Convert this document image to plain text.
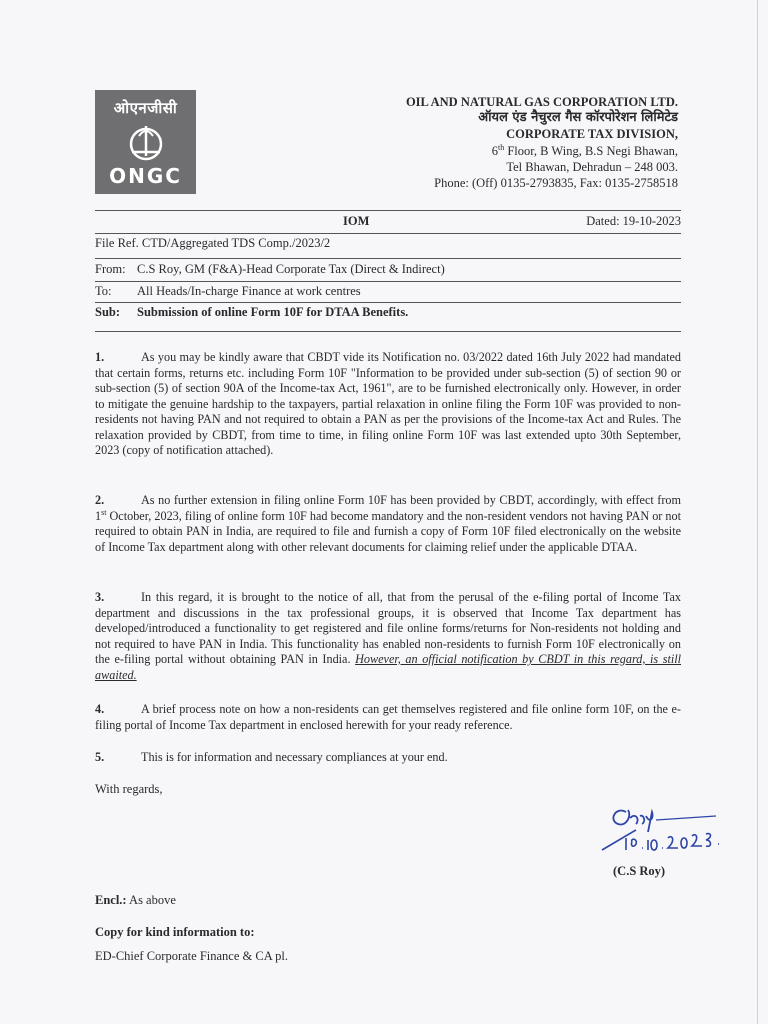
ओएनजीसी
ONGC
OIL AND NATURAL GAS CORPORATION LTD.
ऑयल एंड नैचुरल गैस कॉरपोरेशन लिमिटेड
CORPORATE TAX DIVISION,
6th Floor, B Wing, B.S Negi Bhawan,
Tel Bhawan, Dehradun – 248 003.
Phone: (Off) 0135-2793835, Fax: 0135-2758518
IOM	Dated: 19-10-2023
File Ref. CTD/Aggregated TDS Comp./2023/2
From: C.S Roy, GM (F&A)-Head Corporate Tax (Direct & Indirect)
To: All Heads/In-charge Finance at work centres
Sub: Submission of online Form 10F for DTAA Benefits.
1.	As you may be kindly aware that CBDT vide its Notification no. 03/2022 dated 16th July 2022 had mandated that certain forms, returns etc. including Form 10F "Information to be provided under sub-section (5) of section 90 or sub-section (5) of section 90A of the Income-tax Act, 1961", are to be furnished electronically only. However, in order to mitigate the genuine hardship to the taxpayers, partial relaxation in online filing the Form 10F was provided to non-residents not having PAN and not required to obtain a PAN as per the provisions of the Income-tax Act and Rules. The relaxation provided by CBDT, from time to time, in filing online Form 10F was last extended upto 30th September, 2023 (copy of notification attached).
2.	As no further extension in filing online Form 10F has been provided by CBDT, accordingly, with effect from 1st October, 2023, filing of online form 10F had become mandatory and the non-resident vendors not having PAN or not required to obtain PAN in India, are required to file and furnish a copy of Form 10F filed electronically on the website of Income Tax department along with other relevant documents for claiming relief under the applicable DTAA.
3.	In this regard, it is brought to the notice of all, that from the perusal of the e-filing portal of Income Tax department and discussions in the tax professional groups, it is observed that Income Tax department has developed/introduced a functionality to get registered and file online forms/returns for Non-residents not holding and not required to have PAN in India. This functionality has enabled non-residents to furnish Form 10F electronically on the e-filing portal without obtaining PAN in India. However, an official notification by CBDT in this regard, is still awaited.
4.	A brief process note on how a non-residents can get themselves registered and file online form 10F, on the e-filing portal of Income Tax department in enclosed herewith for your ready reference.
5.	This is for information and necessary compliances at your end.
With regards,
(C.S Roy)
Encl.: As above
Copy for kind information to:
ED-Chief Corporate Finance & CA pl.
